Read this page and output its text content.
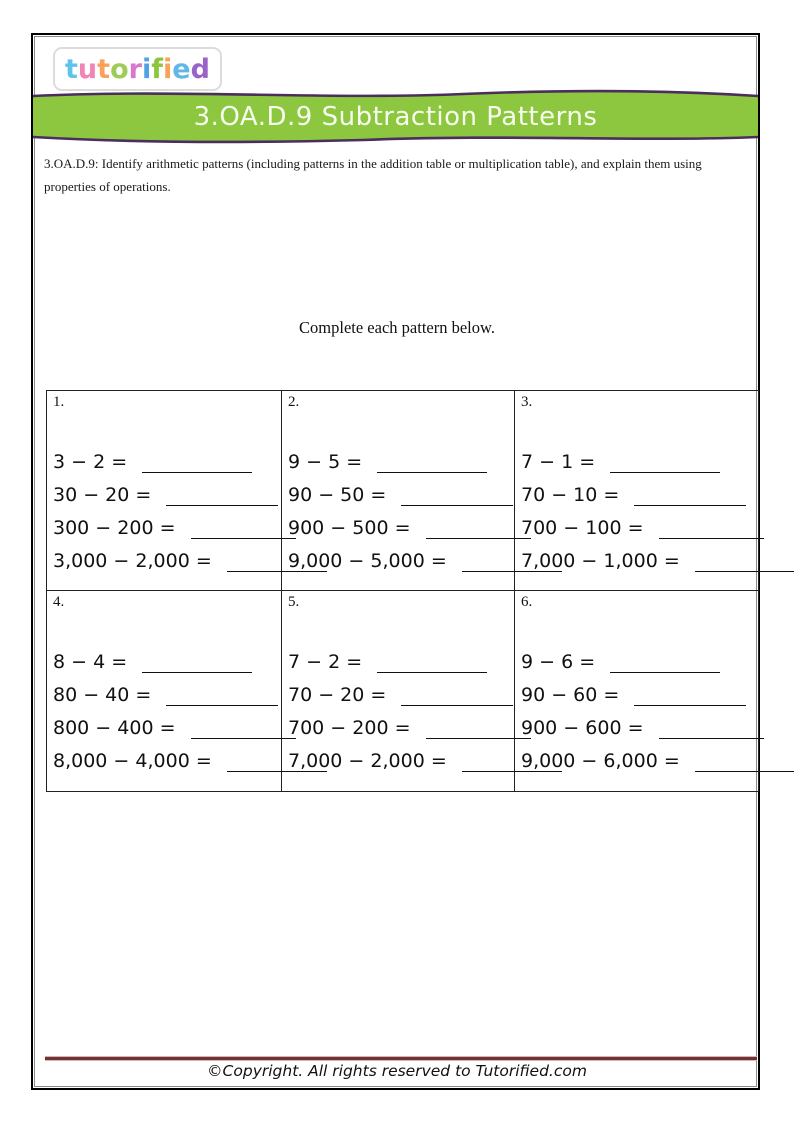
t u t o r i f i e d
3.OA.D.9 Subtraction Patterns

3.OA.D.9: Identify arithmetic patterns (including patterns in the addition table or multiplication table), and explain them using properties of operations.

Complete each pattern below.

1.
3 − 2 =
30 − 20 =
300 − 200 =
3,000 − 2,000 =
2.
9 − 5 =
90 − 50 =
900 − 500 =
9,000 − 5,000 =
3.
7 − 1 =
70 − 10 =
700 − 100 =
7,000 − 1,000 =
4.
8 − 4 =
80 − 40 =
800 − 400 =
8,000 − 4,000 =
5.
7 − 2 =
70 − 20 =
700 − 200 =
7,000 − 2,000 =
6.
9 − 6 =
90 − 60 =
900 − 600 =
9,000 − 6,000 =

©Copyright. All rights reserved to Tutorified.com
